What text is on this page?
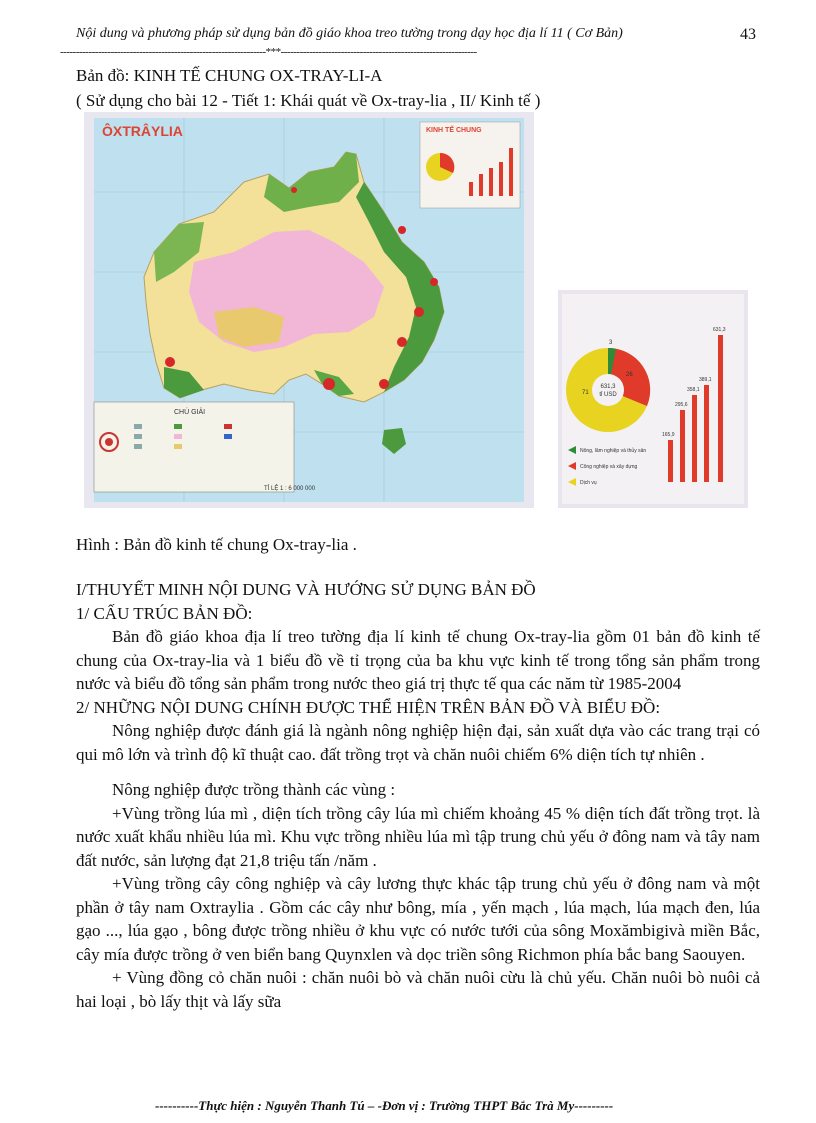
Nội dung và phương pháp sử dụng bản đồ giáo khoa treo tường trong dạy học địa lí 11 ( Cơ Bản)	43
-----------------------------------------------------------------***--------------------------------------------------------------
Bản đồ: KINH TẾ CHUNG OX-TRAY-LI-A
( Sử dụng cho bài 12 - Tiết 1: Khái quát về Ox-tray-lia , II/ Kinh tế )
ÔXTRÂYLIA
CHÚ GIẢI
TỈ LỆ 1 : 6 000 000
KINH TẾ CHUNG
631,3
tỉ USD
71
26
3
165,9
295,6
358,1
389,1
631,3
Nông, lâm nghiệp và thủy sản
Công nghiệp và xây dựng
Dịch vụ
Hình : Bản đồ kinh tế chung Ox-tray-lia .

I/THUYẾT MINH NỘI DUNG VÀ HƯỚNG SỬ DỤNG BẢN ĐỒ

1/ CẤU TRÚC BẢN ĐỒ:

Bản đồ giáo khoa địa lí treo tường địa lí kinh tế chung Ox-tray-lia gồm 01 bản đồ kinh tế chung của Ox-tray-lia và 1 biểu đồ về tỉ trọng của ba khu vực kinh tế trong tổng sản phẩm trong nước và biểu đồ tổng sản phẩm trong nước theo giá trị thực tế qua các năm từ 1985-2004

2/ NHỮNG NỘI DUNG CHÍNH ĐƯỢC THỂ HIỆN TRÊN BẢN ĐỒ VÀ BIỂU ĐỒ:

Nông nghiệp được đánh giá là ngành nông nghiệp hiện đại, sản xuất dựa vào các trang trại có qui mô lớn và trình độ kĩ thuật cao. đất trồng trọt và chăn nuôi chiếm 6% diện tích tự nhiên .

Nông nghiệp được trồng thành các vùng :

+Vùng trồng lúa mì , diện tích trồng cây lúa mì chiếm khoảng 45 % diện tích đất trồng trọt. là nước xuất khẩu nhiều lúa mì. Khu vực trồng nhiều lúa mì tập trung chủ yếu ở đông nam và tây nam đất nước, sản lượng đạt 21,8 triệu tấn /năm .

+Vùng trồng cây công nghiệp và cây lương thực khác tập trung chủ yếu ở đông nam và một phần ở tây nam Oxtraylia . Gồm các cây như bông, mía , yến mạch , lúa mạch, lúa mạch đen, lúa gạo ..., lúa gạo , bông được trồng nhiều ở khu vực có nước tưới của sông Moxămbigivà miền Bắc, cây mía được trồng ở ven biển bang Quynxlen và dọc triền sông Richmon phía bắc bang Saouyen.

+ Vùng đồng cỏ chăn nuôi : chăn nuôi bò và chăn nuôi cừu là chủ yếu. Chăn nuôi bò nuôi cả hai loại , bò lấy thịt và lấy sữa

----------Thực hiện : Nguyễn Thanh Tú – -Đơn vị : Trường THPT Bắc Trà My---------
